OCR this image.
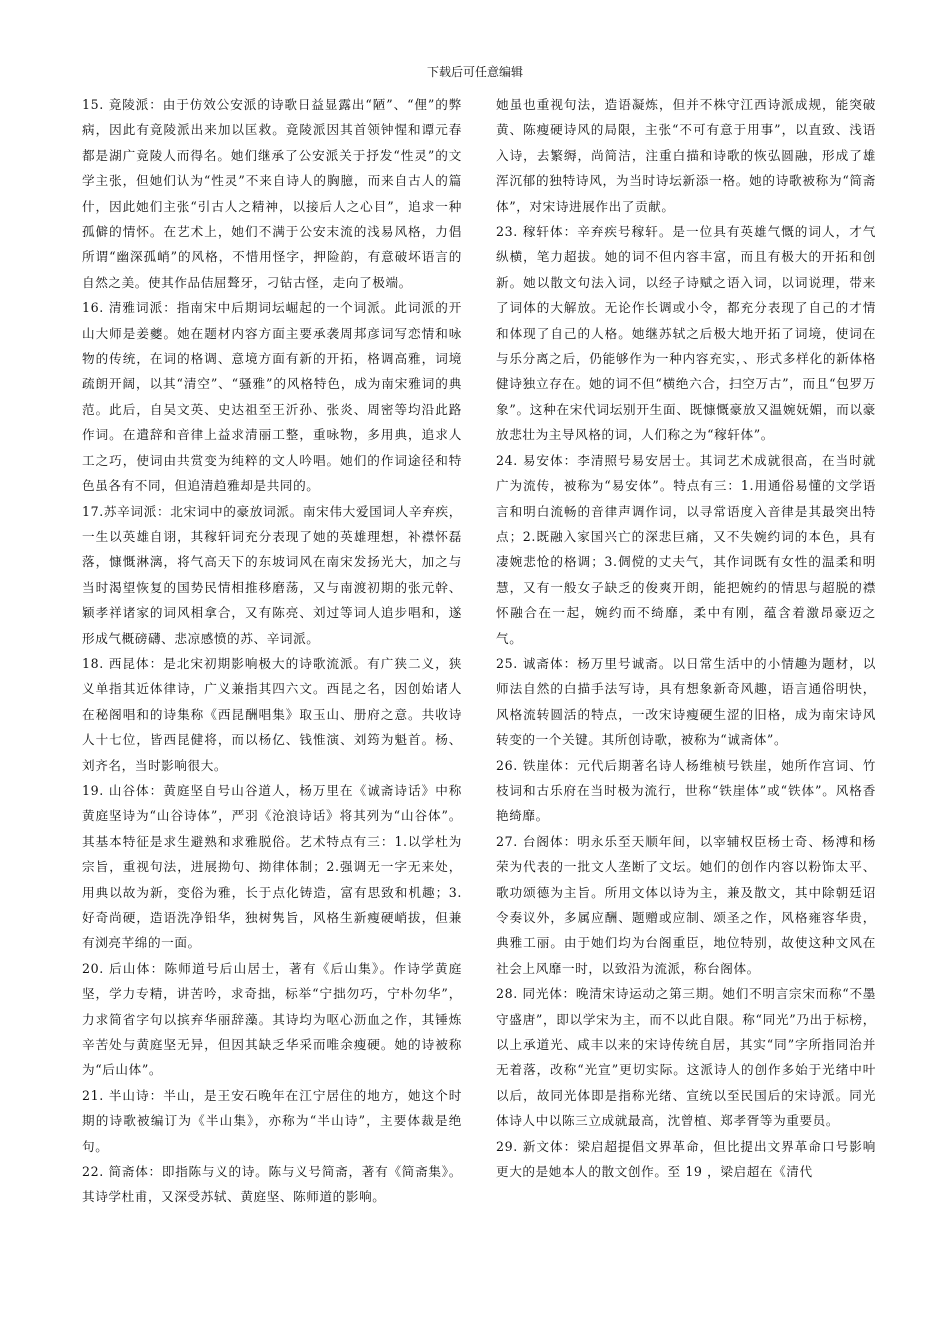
下载后可任意编辑

15. 竟陵派：由于仿效公安派的诗歌日益显露出“陋”、“俚”的弊病，因此有竟陵派出来加以匡救。竟陵派因其首领钟惺和谭元春都是湖广竟陵人而得名。她们继承了公安派关于抒发“性灵”的文学主张，但她们认为“性灵”不来自诗人的胸臆，而来自古人的篇什，因此她们主张“引古人之精神，以接后人之心目”，追求一种孤僻的情怀。在艺术上，她们不满于公安末流的浅易风格，力倡所谓“幽深孤峭”的风格，不惜用怪字，押险韵，有意破坏语言的自然之美。使其作品佶屈聱牙，刁钻古怪，走向了极端。

16. 清雅词派：指南宋中后期词坛崛起的一个词派。此词派的开山大师是姜夔。她在题材内容方面主要承袭周邦彦词写恋情和咏物的传统，在词的格调、意境方面有新的开拓，格调高雅，词境疏朗开阔，以其“清空”、“骚雅”的风格特色，成为南宋雅词的典范。此后，自吴文英、史达祖至王沂孙、张炎、周密等均沿此路作词。在遣辞和音律上益求清丽工整，重咏物，多用典，追求人工之巧，使词由共赏变为纯粹的文人吟唱。她们的作词途径和特色虽各有不同，但追清趋雅却是共同的。

17.苏辛词派：北宋词中的豪放词派。南宋伟大爱国词人辛弃疾，一生以英雄自诩，其稼轩词充分表现了她的英雄理想，补襟怀磊落，慷慨淋漓，将气高天下的东坡词风在南宋发扬光大，加之与当时渴望恢复的国势民情相推移磨荡，又与南渡初期的张元幹、颖孝祥诸家的词风相拿合，又有陈亮、刘过等词人追步唱和，遂形成气概磅礴、悲凉感愤的苏、辛词派。

18. 西昆体：是北宋初期影响极大的诗歌流派。有广狭二义，狭义单指其近体律诗，广义兼指其四六文。西昆之名，因创始诸人在秘阁唱和的诗集称《西昆酬唱集》取玉山、册府之意。共收诗人十七位，皆西昆健将，而以杨亿、钱惟演、刘筠为魁首。杨、刘齐名，当时影响很大。

19. 山谷体：黄庭坚自号山谷道人，杨万里在《诚斋诗话》中称黄庭坚诗为“山谷诗体”，严羽《沧浪诗话》将其列为“山谷体”。其基本特征是求生避熟和求雅脱俗。艺术特点有三：1.以学杜为宗旨，重视句法，进展拗句、拗律体制；2.强调无一字无来处，用典以故为新，变俗为雅，长于点化铸造，富有思致和机趣；3.好奇尚硬，造语洗净铅华，独树隽旨，风格生新瘦硬峭拔，但兼有浏亮芊绵的一面。

20. 后山体：陈师道号后山居士，著有《后山集》。作诗学黄庭坚，学力专精，讲苦吟，求奇拙，标举“宁拙勿巧，宁朴勿华”，力求简省字句以摈弃华丽辞藻。其诗均为呕心沥血之作，其锤炼辛苦处与黄庭坚无异，但因其缺乏华采而唯余瘦硬。她的诗被称为“后山体”。

21. 半山诗：半山，是王安石晚年在江宁居住的地方，她这个时期的诗歌被编订为《半山集》，亦称为“半山诗”，主要体裁是绝句。

22. 简斋体：即指陈与义的诗。陈与义号简斋，著有《简斋集》。其诗学杜甫，又深受苏轼、黄庭坚、陈师道的影响。

她虽也重视句法，造语凝炼，但并不株守江西诗派成规，能突破黄、陈瘦硬诗风的局限，主张“不可有意于用事”，以直致、浅语入诗，去繁缛，尚简洁，注重白描和诗歌的恢弘圆融，形成了雄浑沉郁的独特诗风，为当时诗坛新添一格。她的诗歌被称为“简斋体”，对宋诗进展作出了贡献。

23. 稼轩体：辛弃疾号稼轩。是一位具有英雄气慨的词人，才气纵横，笔力超拔。她的词不但内容丰富，而且有极大的开拓和创新。她以散文句法入词，以经子诗赋之语入词，以词说理，带来了词体的大解放。无论作长调或小令，都充分表现了自己的才情和体现了自己的人格。她继苏轼之后极大地开拓了词境，使词在与乐分离之后，仍能够作为一种内容充实，、形式多样化的新体格健诗独立存在。她的词不但“横绝六合，扫空万古”，而且“包罗万象”。这种在宋代词坛别开生面、既慷慨豪放又温婉妩媚，而以豪放悲壮为主导风格的词，人们称之为“稼轩体”。

24. 易安体：李清照号易安居士。其词艺术成就很高，在当时就广为流传，被称为“易安体”。特点有三：1.用通俗易懂的文学语言和明白流畅的音律声调作词，以寻常语度入音律是其最突出特点；2.既融入家国兴亡的深悲巨痛，又不失婉约词的本色，具有凄婉悲怆的格调；3.倜傥的丈夫气，其作词既有女性的温柔和明慧，又有一般女子缺乏的俊爽开朗，能把婉约的情思与超脱的襟怀融合在一起，婉约而不绮靡，柔中有刚，蕴含着激昂豪迈之气。

25. 诚斋体：杨万里号诚斋。以日常生活中的小情趣为题材，以师法自然的白描手法写诗，具有想象新奇风趣，语言通俗明快，风格流转圆活的特点，一改宋诗瘦硬生涩的旧格，成为南宋诗风转变的一个关键。其所创诗歌，被称为“诚斋体”。

26. 铁崖体：元代后期著名诗人杨维桢号铁崖，她所作宫词、竹枝词和古乐府在当时极为流行，世称“铁崖体”或“铁体”。风格香艳绮靡。

27. 台阁体：明永乐至天顺年间，以宰辅权臣杨士奇、杨溥和杨荣为代表的一批文人垄断了文坛。她们的创作内容以粉饰太平、歌功颂德为主旨。所用文体以诗为主，兼及散文，其中除朝廷诏令奏议外，多属应酬、题赠或应制、颂圣之作，风格雍容华贵，典雅工丽。由于她们均为台阁重臣，地位特别，故使这种文风在社会上风靡一时，以致沿为流派，称台阁体。

28. 同光体：晚清宋诗运动之第三期。她们不明言宗宋而称“不墨守盛唐”，即以学宋为主，而不以此自限。称“同光”乃出于标榜，以上承道光、咸丰以来的宋诗传统自居，其实“同”字所指同治并无着落，改称“光宣”更切实际。这派诗人的创作多始于光绪中叶以后，故同光体即是指称光绪、宣统以至民国后的宋诗派。同光体诗人中以陈三立成就最高，沈曾植、郑孝胥等为重要员。

29. 新文体：梁启超提倡文界革命，但比提出文界革命口号影响更大的是她本人的散文创作。至 19 ，梁启超在《清代
